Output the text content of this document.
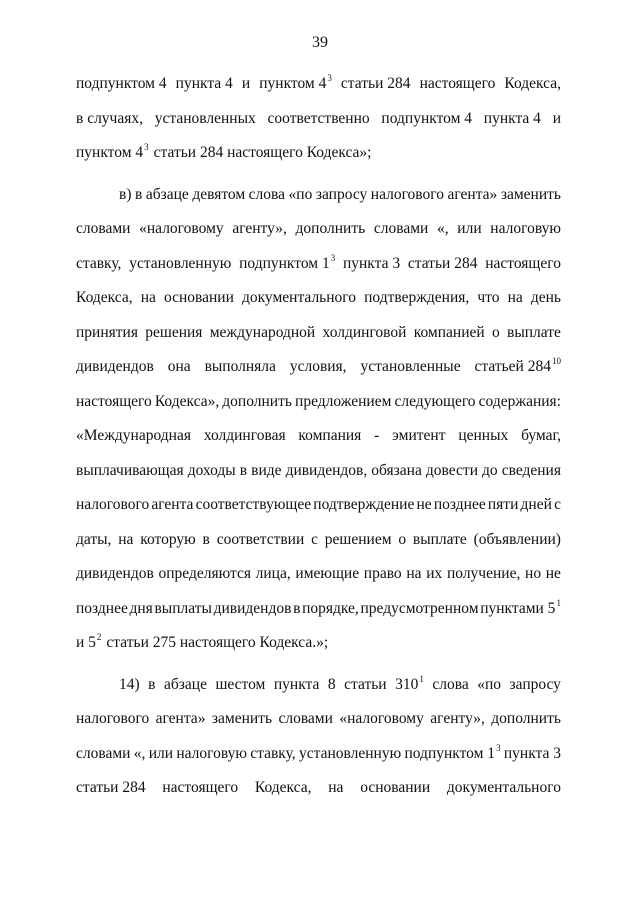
39
подпунктом 4 пункта 4 и пунктом $4^3$ статьи 284 настоящего Кодекса,
в случаях, установленных соответственно подпунктом 4 пункта 4 и
пунктом $4^3$ статьи 284 настоящего Кодекса»;
в) в абзаце девятом слова «по запросу налогового агента» заменить
словами «налоговому агенту», дополнить словами «, или налоговую
ставку, установленную подпунктом $1^3$ пункта 3 статьи 284 настоящего
Кодекса, на основании документального подтверждения, что на день
принятия решения международной холдинговой компанией о выплате
дивидендов она выполняла условия, установленные статьей $284^{10}$
настоящего Кодекса», дополнить предложением следующего содержания:
«Международная холдинговая компания - эмитент ценных бумаг,
выплачивающая доходы в виде дивидендов, обязана довести до сведения
налогового агента соответствующее подтверждение не позднее пяти дней с
даты, на которую в соответствии с решением о выплате (объявлении)
дивидендов определяются лица, имеющие право на их получение, но не
позднее дня выплаты дивидендов в порядке, предусмотренном пунктами $5^1$
и $5^2$ статьи 275 настоящего Кодекса.»;
14) в абзаце шестом пункта 8 статьи $310^1$ слова «по запросу
налогового агента» заменить словами «налоговому агенту», дополнить
словами «, или налоговую ставку, установленную подпунктом $1^3$ пункта 3
статьи 284 настоящего Кодекса, на основании документального
